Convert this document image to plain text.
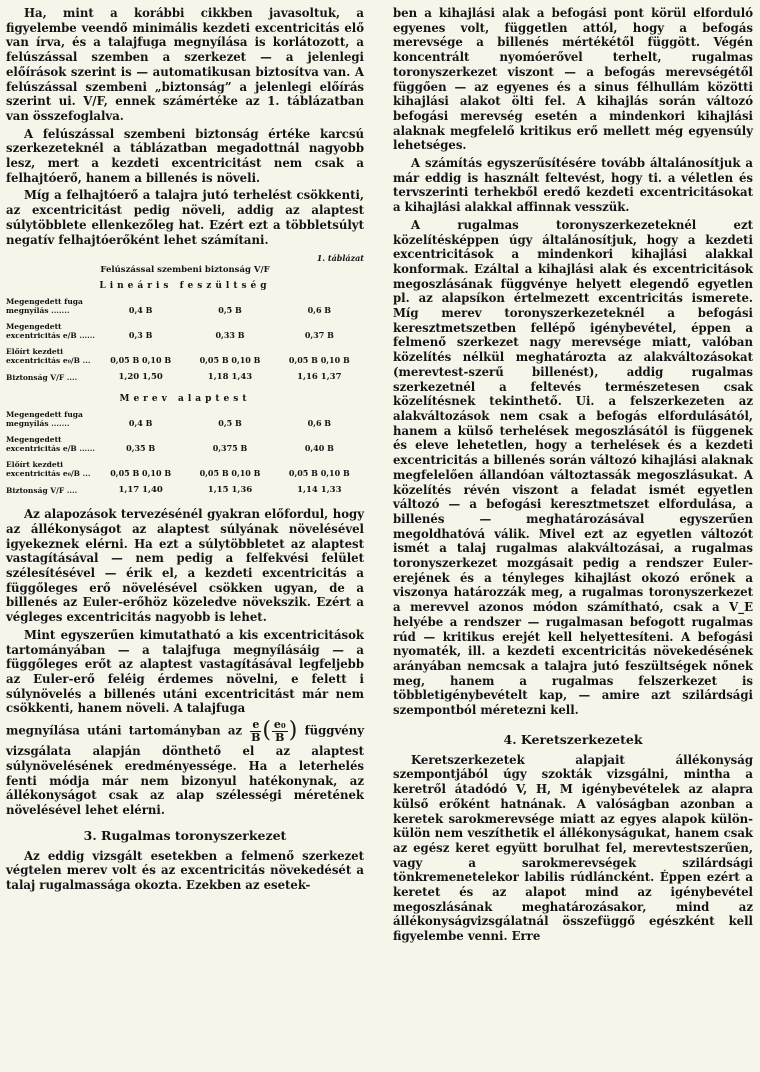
Ha, mint a korábbi cikkben javasoltuk, a figyelembe veendő minimális kezdeti excentricitás elő van írva, és a talajfuga megnyílása is korlátozott, a felúszással szemben a szerkezet — a jelenlegi előírások szerint is — automatikusan biztosítva van. A felúszással szembeni „biztonság” a jelenlegi előírás szerint ui. V/F, ennek számértéke az 1. táblázatban van összefoglalva.

A felúszással szembeni biztonság értéke karcsú szerkezeteknél a táblázatban megadottnál nagyobb lesz, mert a kezdeti excentricitást nem csak a felhajtóerő, hanem a billenés is növeli.

Míg a felhajtóerő a talajra jutó terhelést csökkenti, az excentricitást pedig növeli, addig az alaptest súlytöbblete ellenkezőleg hat. Ezért ezt a többletsúlyt negatív felhajtóerőként lehet számítani.

1. táblázat
Felúszással szembeni biztonság V/F
Lineáris feszültség
Megengedett fuga megnyílás .......	0,4 B	0,5 B	0,6 B
Megengedett excentricitás e/B ......	0,3 B	0,33 B	0,37 B
Előírt kezdeti excentricitás e₀/B ...	0,05 B 0,10 B	0,05 B 0,10 B	0,05 B 0,10 B
Biztonság V/F ....	1,20 1,50	1,18 1,43	1,16 1,37
Merev alaptest
Megengedett fuga megnyílás .......	0,4 B	0,5 B	0,6 B
Megengedett excentricitás e/B ......	0,35 B	0,375 B	0,40 B
Előírt kezdeti excentricitás e₀/B ...	0,05 B 0,10 B	0,05 B 0,10 B	0,05 B 0,10 B
Biztonság V/F ....	1,17 1,40	1,15 1,36	1,14 1,33

Az alapozások tervezésénél gyakran előfordul, hogy az állékonyságot az alaptest súlyának növelésével igyekeznek elérni. Ha ezt a súlytöbbletet az alaptest vastagításával — nem pedig a felfekvési felület szélesítésével — érik el, a kezdeti excentricitás a függőleges erő növelésével csökken ugyan, de a billenés az Euler-erőhöz közeledve növekszik. Ezért a végleges excentricitás nagyobb is lehet.

Mint egyszerűen kimutatható a kis excentricitások tartományában — a talajfuga megnyílásáig — a függőleges erőt az alaptest vastagításával legfeljebb az Euler-erő feléig érdemes növelni, e felett i súlynövelés a billenés utáni excentricitást már nem csökkenti, hanem növeli. A talajfuga

megnyílása utáni tartományban az $\frac{e}{B}$ ( $\frac{\text{e₀}}{B}$ ) függvény vizsgálata alapján dönthető el az alaptest súlynövelésének eredményessége. Ha a leterhelés fenti módja már nem bizonyul hatékonynak, az állékonyságot csak az alap szélességi méretének növelésével lehet elérni.

3. Rugalmas toronyszerkezet

Az eddig vizsgált esetekben a felmenő szerkezet végtelen merev volt és az excentricitás növekedését a talaj rugalmassága okozta. Ezekben az esetek-

ben a kihajlási alak a befogási pont körül elforduló egyenes volt, független attól, hogy a befogás merevsége a billenés mértékétől függött. Végén koncentrált nyomóerővel terhelt, rugalmas toronyszerkezet viszont — a befogás merevségétől függően — az egyenes és a sinus félhullám közötti kihajlási alakot ölti fel. A kihajlás során változó befogási merevség esetén a mindenkori kihajlási alaknak megfelelő kritikus erő mellett még egyensúly lehetséges.

A számítás egyszerűsítésére tovább általánosítjuk a már eddig is használt feltevést, hogy ti. a véletlen és tervszerinti terhekből eredő kezdeti excentricitásokat a kihajlási alakkal affinnak vesszük.

A rugalmas toronyszerkezeteknél ezt közelítésképpen úgy általánosítjuk, hogy a kezdeti excentricitások a mindenkori kihajlási alakkal konformak. Ezáltal a kihajlási alak és excentricitások megoszlásának függvénye helyett elegendő egyetlen pl. az alapsíkon értelmezett excentricitás ismerete. Míg merev toronyszerkezeteknél a befogási keresztmetszetben fellépő igénybevétel, éppen a felmenő szerkezet nagy merevsége miatt, valóban közelítés nélkül meghatározta az alakváltozásokat (merevtest-szerű billenést), addig rugalmas szerkezetnél a feltevés természetesen csak közelítésnek tekinthető. Ui. a felszerkezeten az alakváltozások nem csak a befogás elfordulásától, hanem a külső terhelések megoszlásától is függenek és eleve lehetetlen, hogy a terhelések és a kezdeti excentricitás a billenés során változó kihajlási alaknak megfelelően állandóan változtassák megoszlásukat. A közelítés révén viszont a feladat ismét egyetlen változó — a befogási keresztmetszet elfordulása, a billenés — meghatározásával egyszerűen megoldhatóvá válik. Mivel ezt az egyetlen változót ismét a talaj rugalmas alakváltozásai, a rugalmas toronyszerkezet mozgásait pedig a rendszer Euler-erejének és a tényleges kihajlást okozó erőnek a viszonya határozzák meg, a rugalmas toronyszerkezet a merevvel azonos módon számítható, csak a V_E helyébe a rendszer — rugalmasan befogott rugalmas rúd — kritikus erejét kell helyettesíteni. A befogási nyomaték, ill. a kezdeti excentricitás növekedésének arányában nemcsak a talajra jutó feszültségek nőnek meg, hanem a rugalmas felszerkezet is többletigénybevételt kap, — amire azt szilárdsági szempontból méretezni kell.

4. Keretszerkezetek

Keretszerkezetek alapjait állékonyság szempontjából úgy szokták vizsgálni, mintha a keretről átadódó V, H, M igénybevételek az alapra külső erőként hatnának. A valóságban azonban a keretek sarokmerevsége miatt az egyes alapok külön-külön nem veszíthetik el állékonyságukat, hanem csak az egész keret együtt borulhat fel, merevtestszerűen, vagy a sarokmerevségek szilárdsági tönkremenetelekor labilis rúdláncként. Éppen ezért a keretet és az alapot mind az igénybevétel megoszlásának meghatározásakor, mind az állékonyságvizsgálatnál összefüggő egészként kell figyelembe venni. Erre
